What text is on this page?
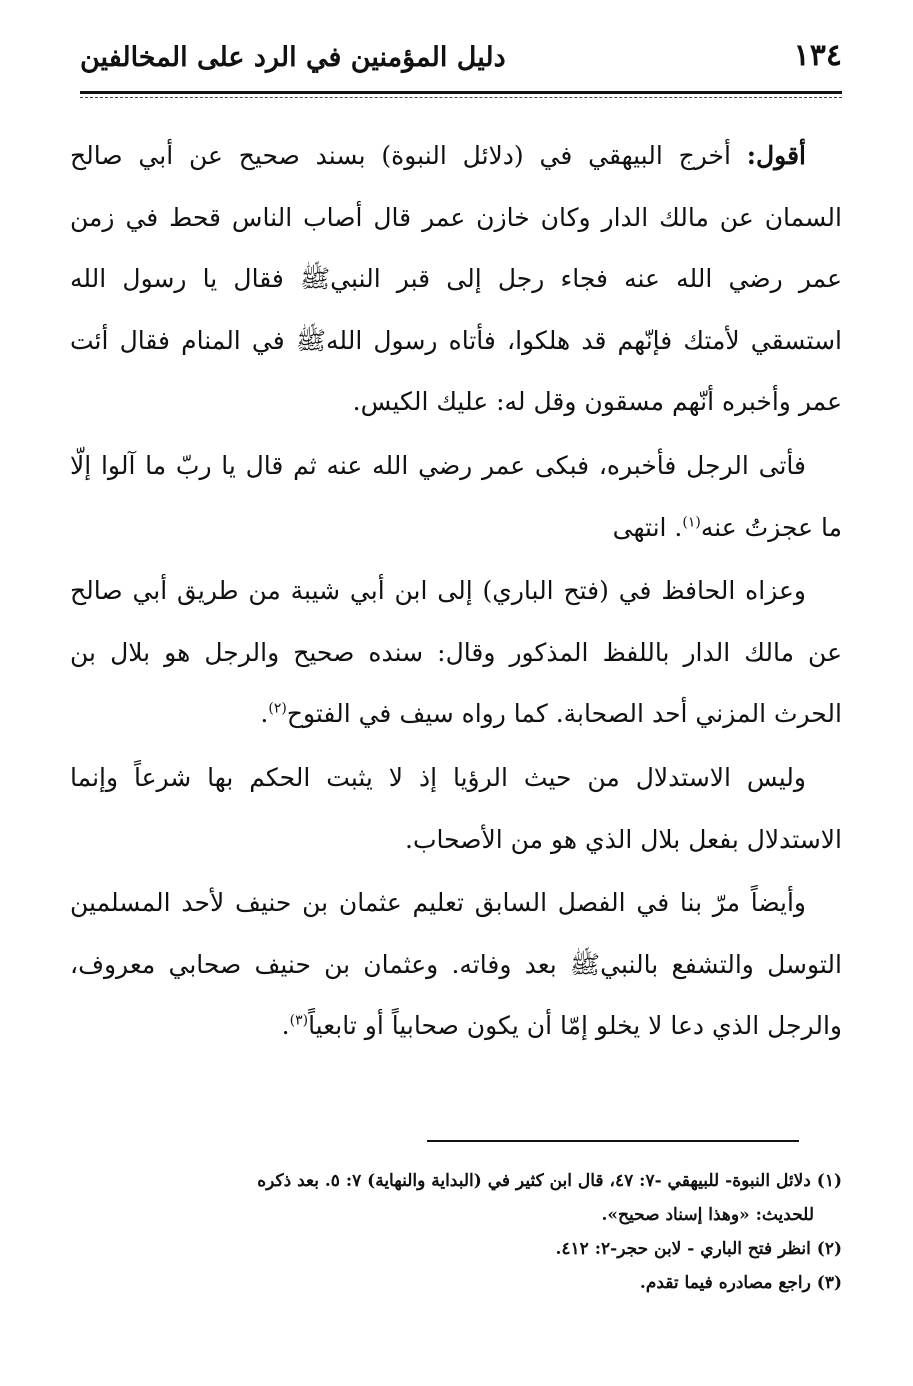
١٣٤
دليل المؤمنين في الرد على المخالفين

أقول: أخرج البيهقي في (دلائل النبوة) بسند صحيح عن أبي صالح السمان عن مالك الدار وكان خازن عمر قال أصاب الناس قحط في زمن عمر رضي الله عنه فجاء رجل إلى قبر النبيﷺ فقال يا رسول الله استسقي لأمتك فإنّهم قد هلكوا، فأتاه رسول اللهﷺ في المنام فقال أئت عمر وأخبره أنّهم مسقون وقل له: عليك الكيس.

فأتى الرجل فأخبره، فبكى عمر رضي الله عنه ثم قال يا ربّ ما آلوا إلّا ما عجزتُ عنه$^{(١)}$. انتهى

وعزاه الحافظ في (فتح الباري) إلى ابن أبي شيبة من طريق أبي صالح عن مالك الدار باللفظ المذكور وقال: سنده صحيح والرجل هو بلال بن الحرث المزني أحد الصحابة. كما رواه سيف في الفتوح$^{(٢)}$.

وليس الاستدلال من حيث الرؤيا إذ لا يثبت الحكم بها شرعاً وإنما الاستدلال بفعل بلال الذي هو من الأصحاب.

وأيضاً مرّ بنا في الفصل السابق تعليم عثمان بن حنيف لأحد المسلمين التوسل والتشفع بالنبيﷺ بعد وفاته. وعثمان بن حنيف صحابي معروف، والرجل الذي دعا لا يخلو إمّا أن يكون صحابياً أو تابعياً$^{(٣)}$.

(١) دلائل النبوة- للبيهقي -٧: ٤٧، قال ابن كثير في (البداية والنهاية) ٧: ٥. بعد ذكره

للحديث: «وهذا إسناد صحيح».

(٢) انظر فتح الباري - لابن حجر-٢: ٤١٢.

(٣) راجع مصادره فيما تقدم.
